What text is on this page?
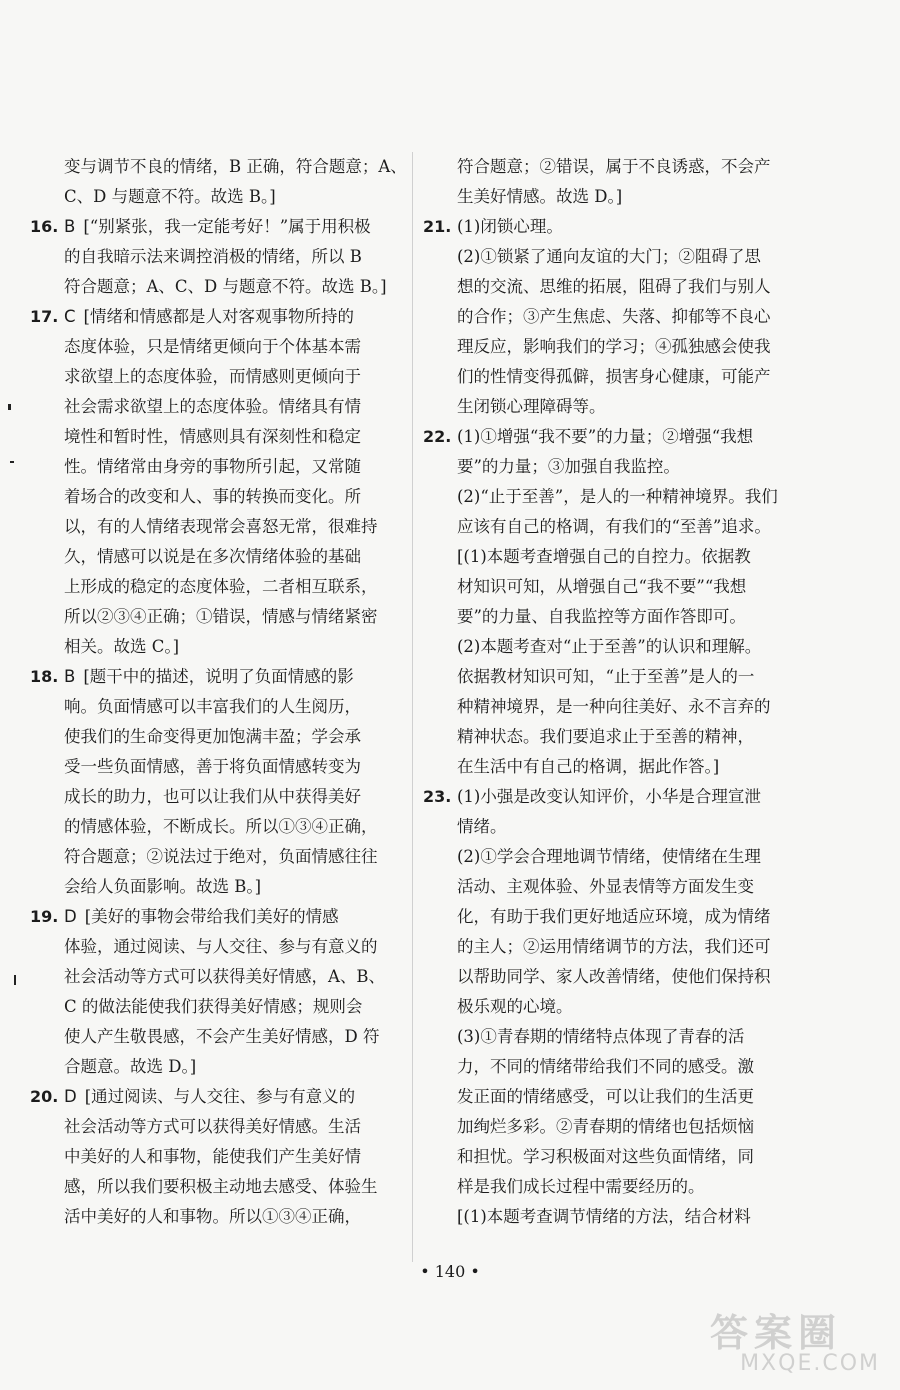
变与调节不良的情绪，B 正确，符合题意；A、
C、D 与题意不符。故选 B。]
16. B [“别紧张，我一定能考好！”属于用积极
的自我暗示法来调控消极的情绪，所以 B
符合题意；A、C、D 与题意不符。故选 B。]
17. C [情绪和情感都是人对客观事物所持的
态度体验，只是情绪更倾向于个体基本需
求欲望上的态度体验，而情感则更倾向于
社会需求欲望上的态度体验。情绪具有情
境性和暂时性，情感则具有深刻性和稳定
性。情绪常由身旁的事物所引起，又常随
着场合的改变和人、事的转换而变化。所
以，有的人情绪表现常会喜怒无常，很难持
久，情感可以说是在多次情绪体验的基础
上形成的稳定的态度体验，二者相互联系，
所以②③④正确；①错误，情感与情绪紧密
相关。故选 C。]
18. B [题干中的描述，说明了负面情感的影
响。负面情感可以丰富我们的人生阅历，
使我们的生命变得更加饱满丰盈；学会承
受一些负面情感，善于将负面情感转变为
成长的助力，也可以让我们从中获得美好
的情感体验，不断成长。所以①③④正确，
符合题意；②说法过于绝对，负面情感往往
会给人负面影响。故选 B。]
19. D [美好的事物会带给我们美好的情感
体验，通过阅读、与人交往、参与有意义的
社会活动等方式可以获得美好情感，A、B、
C 的做法能使我们获得美好情感；规则会
使人产生敬畏感，不会产生美好情感，D 符
合题意。故选 D。]
20. D [通过阅读、与人交往、参与有意义的
社会活动等方式可以获得美好情感。生活
中美好的人和事物，能使我们产生美好情
感，所以我们要积极主动地去感受、体验生
活中美好的人和事物。所以①③④正确，
符合题意；②错误，属于不良诱惑，不会产
生美好情感。故选 D。]
21. (1)闭锁心理。
(2)①锁紧了通向友谊的大门；②阻碍了思
想的交流、思维的拓展，阻碍了我们与别人
的合作；③产生焦虑、失落、抑郁等不良心
理反应，影响我们的学习；④孤独感会使我
们的性情变得孤僻，损害身心健康，可能产
生闭锁心理障碍等。
22. (1)①增强“我不要”的力量；②增强“我想
要”的力量；③加强自我监控。
(2)“止于至善”，是人的一种精神境界。我们
应该有自己的格调，有我们的“至善”追求。
[(1)本题考查增强自己的自控力。依据教
材知识可知，从增强自己“我不要”“我想
要”的力量、自我监控等方面作答即可。
(2)本题考查对“止于至善”的认识和理解。
依据教材知识可知，“止于至善”是人的一
种精神境界，是一种向往美好、永不言弃的
精神状态。我们要追求止于至善的精神，
在生活中有自己的格调，据此作答。]
23. (1)小强是改变认知评价，小华是合理宣泄
情绪。
(2)①学会合理地调节情绪，使情绪在生理
活动、主观体验、外显表情等方面发生变
化，有助于我们更好地适应环境，成为情绪
的主人；②运用情绪调节的方法，我们还可
以帮助同学、家人改善情绪，使他们保持积
极乐观的心境。
(3)①青春期的情绪特点体现了青春的活
力，不同的情绪带给我们不同的感受。激
发正面的情绪感受，可以让我们的生活更
加绚烂多彩。②青春期的情绪也包括烦恼
和担忧。学习积极面对这些负面情绪，同
样是我们成长过程中需要经历的。
[(1)本题考查调节情绪的方法，结合材料
• 140 •
答案圈
MXQE.COM
